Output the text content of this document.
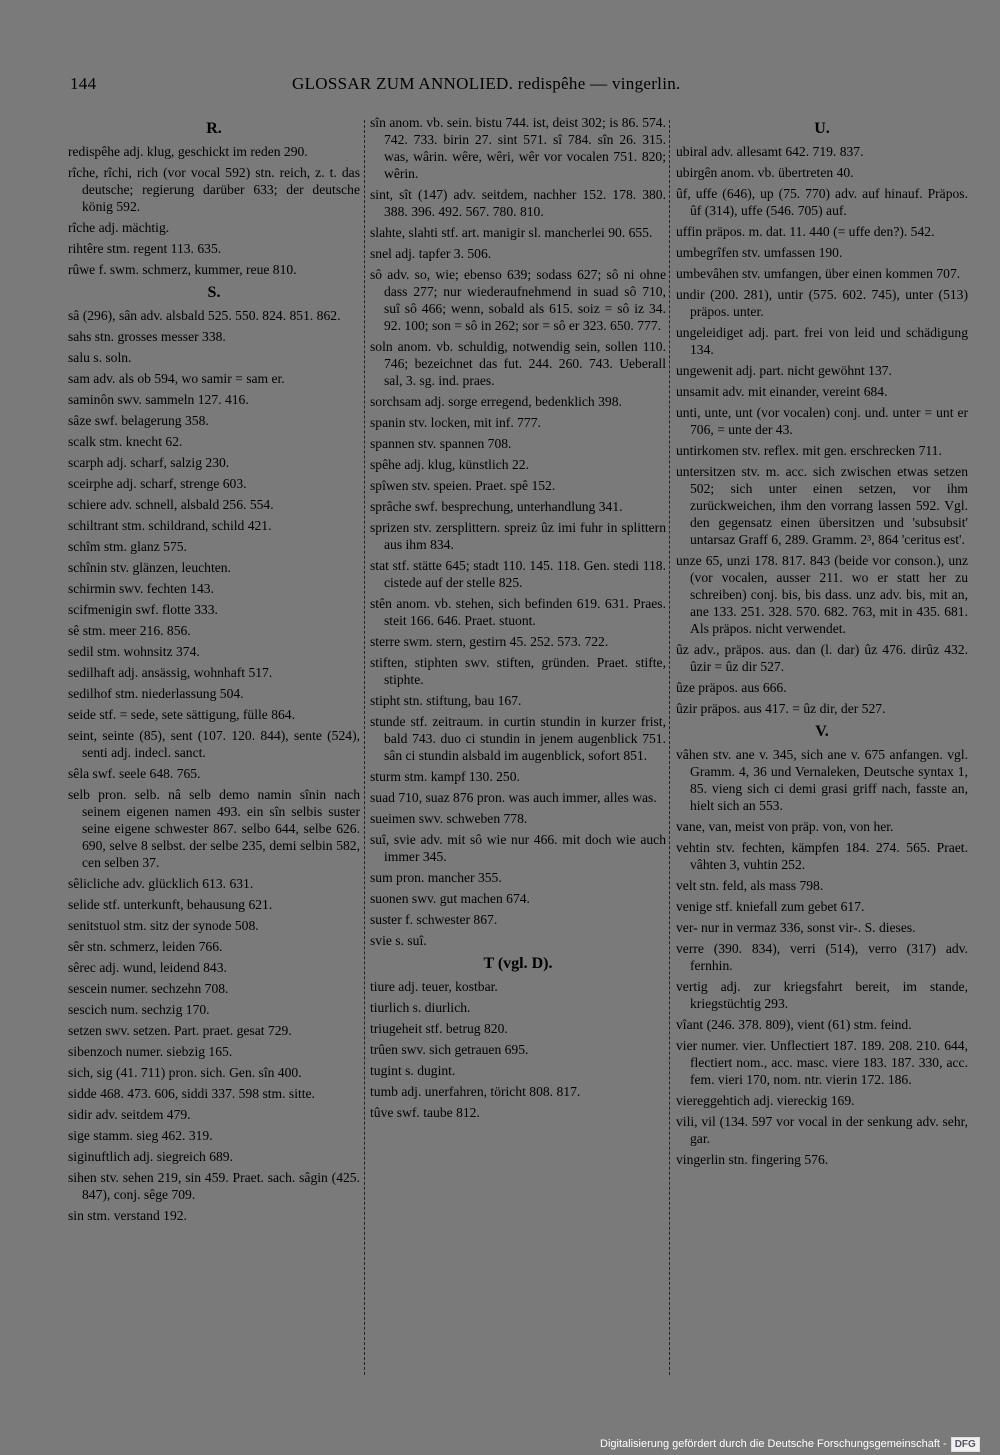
144	GLOSSAR ZUM ANNOLIED. redispêhe — vingerlin.
R.
redispêhe adj. klug, geschickt im reden 290.
rîche, rîchi, rich (vor vocal 592) stn. reich, z. t. das deutsche; regierung darüber 633; der deutsche könig 592.
rîche adj. mächtig.
rihtêre stm. regent 113. 635.
rûwe f. swm. schmerz, kummer, reue 810.
S.
sâ (296), sân adv. alsbald 525. 550. 824. 851. 862.
sahs stn. grosses messer 338.
salu s. soln.
sam adv. als ob 594, wo samir = sam er.
saminôn swv. sammeln 127. 416.
sâze swf. belagerung 358.
scalk stm. knecht 62.
scarph adj. scharf, salzig 230.
sceirphe adj. scharf, strenge 603.
schiere adv. schnell, alsbald 256. 554.
schiltrant stm. schildrand, schild 421.
schîm stm. glanz 575.
schînin stv. glänzen, leuchten.
schirmin swv. fechten 143.
scifmenigin swf. flotte 333.
sê stm. meer 216. 856.
sedil stm. wohnsitz 374.
sedilhaft adj. ansässig, wohnhaft 517.
sedilhof stm. niederlassung 504.
seide stf. = sede, sete sättigung, fülle 864.
seint, seinte (85), sent (107. 120. 844), sente (524), senti adj. indecl. sanct.
sêla swf. seele 648. 765.
selb pron. selb. nâ selb demo namin sînin nach seinem eigenen namen 493. ein sîn selbis suster seine eigene schwester 867. selbo 644, selbe 626. 690, selve 8 selbst. der selbe 235, demi selbin 582, cen selben 37.
sêlicliche adv. glücklich 613. 631.
selide stf. unterkunft, behausung 621.
senitstuol stm. sitz der synode 508.
sêr stn. schmerz, leiden 766.
sêrec adj. wund, leidend 843.
sescein numer. sechzehn 708.
sescich num. sechzig 170.
setzen swv. setzen. Part. praet. gesat 729.
sibenzoch numer. siebzig 165.
sich, sig (41. 711) pron. sich. Gen. sîn 400.
sidde 468. 473. 606, siddi 337. 598 stm. sitte.
sidir adv. seitdem 479.
sige stamm. sieg 462. 319.
siginuftlich adj. siegreich 689.
sihen stv. sehen 219, sin 459. Praet. sach. sâgin (425. 847), conj. sêge 709.
sin stm. verstand 192.
sîn anom. vb. sein. bistu 744. ist, deist 302; is 86. 574. 742. 733. birin 27. sint 571. sî 784. sîn 26. 315. was, wârin. wêre, wêri, wêr vor vocalen 751. 820; wêrin.
sint, sît (147) adv. seitdem, nachher 152. 178. 380. 388. 396. 492. 567. 780. 810.
slahte, slahti stf. art. manigir sl. mancherlei 90. 655.
snel adj. tapfer 3. 506.
sô adv. so, wie; ebenso 639; sodass 627; sô ni ohne dass 277; nur wiederaufnehmend in suad sô 710, suî sô 466; wenn, sobald als 615. soiz = sô iz 34. 92. 100; son = sô in 262; sor = sô er 323. 650. 777.
soln anom. vb. schuldig, notwendig sein, sollen 110. 746; bezeichnet das fut. 244. 260. 743. Ueberall sal, 3. sg. ind. praes.
sorchsam adj. sorge erregend, bedenklich 398.
spanin stv. locken, mit inf. 777.
spannen stv. spannen 708.
spêhe adj. klug, künstlich 22.
spîwen stv. speien. Praet. spê 152.
sprâche swf. besprechung, unterhandlung 341.
sprizen stv. zersplittern. spreiz ûz imi fuhr in splittern aus ihm 834.
stat stf. stätte 645; stadt 110. 145. 118. Gen. stedi 118. cistede auf der stelle 825.
stên anom. vb. stehen, sich befinden 619. 631. Praes. steit 166. 646. Praet. stuont.
sterre swm. stern, gestirn 45. 252. 573. 722.
stiften, stiphten swv. stiften, gründen. Praet. stifte, stiphte.
stipht stn. stiftung, bau 167.
stunde stf. zeitraum. in curtin stundin in kurzer frist, bald 743. duo ci stundin in jenem augenblick 751. sân ci stundin alsbald im augenblick, sofort 851.
sturm stm. kampf 130. 250.
suad 710, suaz 876 pron. was auch immer, alles was.
sueimen swv. schweben 778.
suî, svie adv. mit sô wie nur 466. mit doch wie auch immer 345.
sum pron. mancher 355.
suonen swv. gut machen 674.
suster f. schwester 867.
svie s. suî.
T (vgl. D).
tiure adj. teuer, kostbar.
tiurlich s. diurlich.
triugeheit stf. betrug 820.
trûen swv. sich getrauen 695.
tugint s. dugint.
tumb adj. unerfahren, töricht 808. 817.
tûve swf. taube 812.
U.
ubiral adv. allesamt 642. 719. 837.
ubirgên anom. vb. übertreten 40.
ûf, uffe (646), up (75. 770) adv. auf hinauf. Präpos. ûf (314), uffe (546. 705) auf.
uffin präpos. m. dat. 11. 440 (= uffe den?). 542.
umbegrîfen stv. umfassen 190.
umbevâhen stv. umfangen, über einen kommen 707.
undir (200. 281), untir (575. 602. 745), unter (513) präpos. unter.
ungeleidiget adj. part. frei von leid und schädigung 134.
ungewenit adj. part. nicht gewöhnt 137.
unsamit adv. mit einander, vereint 684.
unti, unte, unt (vor vocalen) conj. und. unter = unt er 706, = unte der 43.
untirkomen stv. reflex. mit gen. erschrecken 711.
untersitzen stv. m. acc. sich zwischen etwas setzen 502; sich unter einen setzen, vor ihm zurückweichen, ihm den vorrang lassen 592. Vgl. den gegensatz einen übersitzen und 'subsubsit' untarsaz Graff 6, 289. Gramm. 2³, 864 'ceritus est'.
unze 65, unzi 178. 817. 843 (beide vor conson.), unz (vor vocalen, ausser 211. wo er statt her zu schreiben) conj. bis, bis dass. unz adv. bis, mit an, ane 133. 251. 328. 570. 682. 763, mit in 435. 681. Als präpos. nicht verwendet.
ûz adv., präpos. aus. dan (l. dar) ûz 476. dirûz 432. ûzir = ûz dir 527.
ûze präpos. aus 666.
ûzir präpos. aus 417. = ûz dir, der 527.
V.
vâhen stv. ane v. 345, sich ane v. 675 anfangen. vgl. Gramm. 4, 36 und Vernaleken, Deutsche syntax 1, 85. vieng sich ci demi grasi griff nach, fasste an, hielt sich an 553.
vane, van, meist von präp. von, von her.
vehtin stv. fechten, kämpfen 184. 274. 565. Praet. vâhten 3, vuhtin 252.
velt stn. feld, als mass 798.
venige stf. kniefall zum gebet 617.
ver- nur in vermaz 336, sonst vir-. S. dieses.
verre (390. 834), verri (514), verro (317) adv. fernhin.
vertig adj. zur kriegsfahrt bereit, im stande, kriegstüchtig 293.
vîant (246. 378. 809), vient (61) stm. feind.
vier numer. vier. Unflectiert 187. 189. 208. 210. 644, flectiert nom., acc. masc. viere 183. 187. 330, acc. fem. vieri 170, nom. ntr. vierin 172. 186.
viereggehtich adj. viereckig 169.
vili, vil (134. 597 vor vocal in der senkung adv. sehr, gar.
vingerlin stn. fingering 576.
Digitalisierung gefördert durch die Deutsche Forschungsgemeinschaft - DFG
